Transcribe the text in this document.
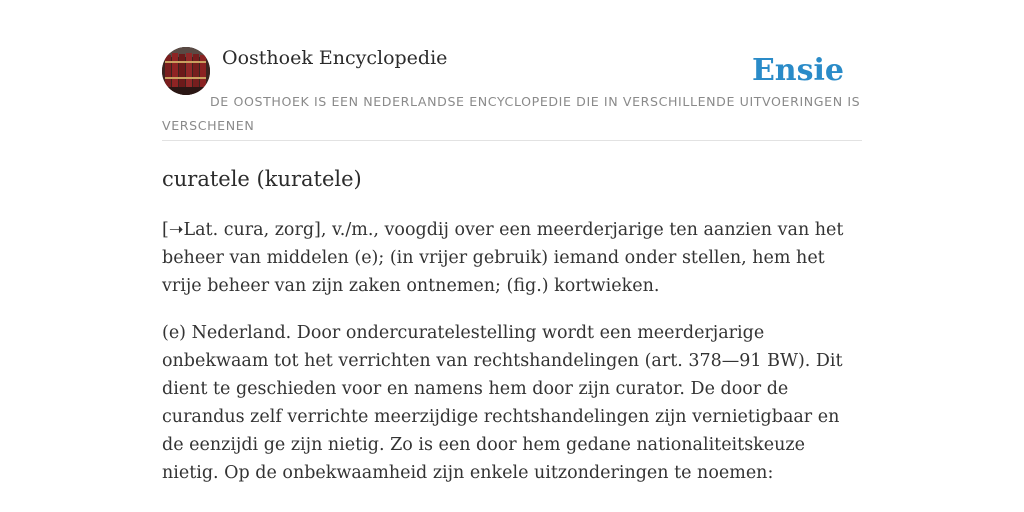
Oosthoek Encyclopedie	Ensie
DE OOSTHOEK IS EEN NEDERLANDSE ENCYCLOPEDIE DIE IN VERSCHILLENDE UITVOERINGEN IS VERSCHENEN
curatele (kuratele)

[➝Lat. cura, zorg], v./m., voogdij over een meerderjarige ten aanzien van het beheer van middelen (e); (in vrijer gebruik) iemand onder stellen, hem het vrije beheer van zijn zaken ontnemen; (fig.) kortwieken.

(e) Nederland. Door ondercuratelestelling wordt een meerderjarige onbekwaam tot het verrichten van rechtshandelingen (art. 378—91 BW). Dit dient te geschieden voor en namens hem door zijn curator. De door de curandus zelf verrichte meerzijdige rechtshandelingen zijn vernietigbaar en de eenzijdi ge zijn nietig. Zo is een door hem gedane nationaliteitskeuze nietig. Op de onbekwaamheid zijn enkele uitzonderingen te noemen:
